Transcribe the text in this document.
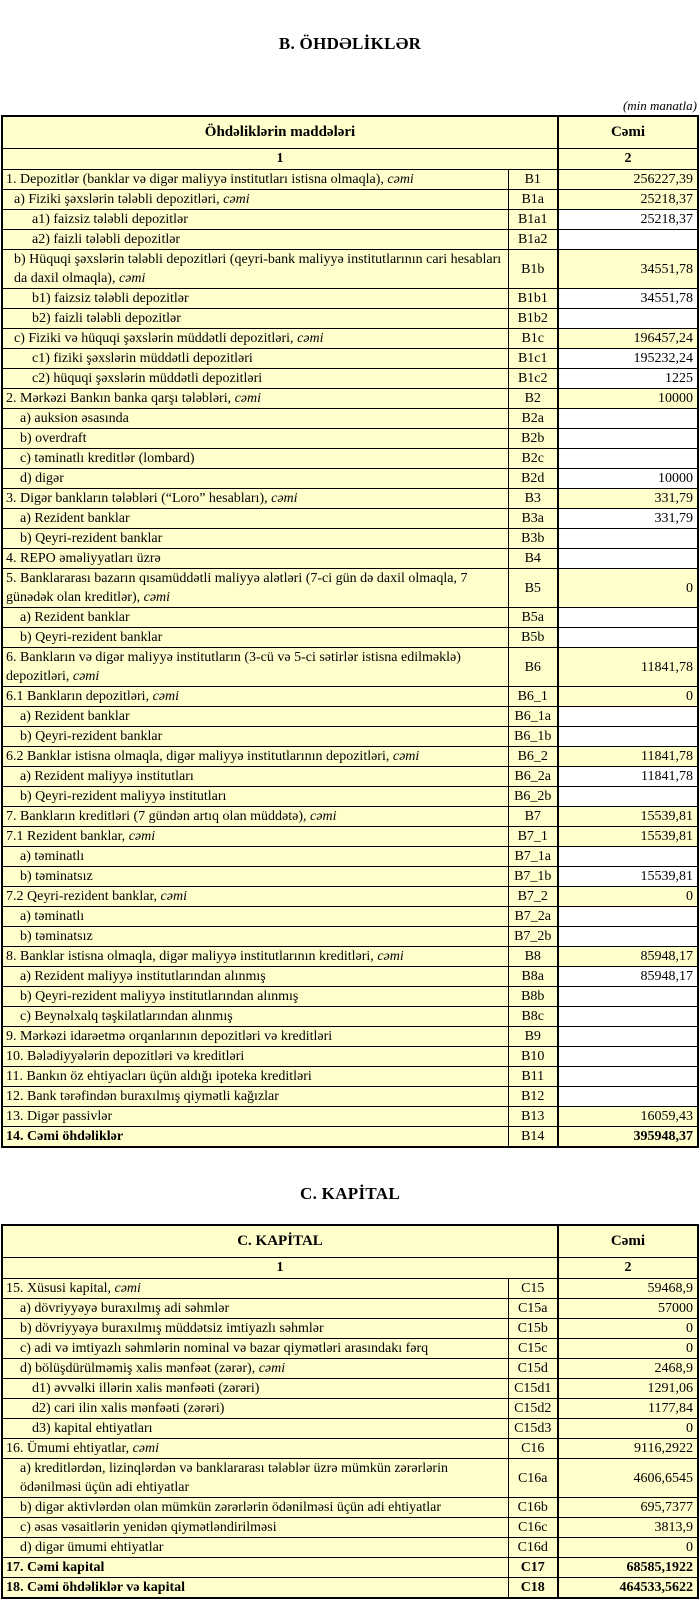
B. ÖHDƏLİKLƏR
(min manatla)
Öhdəliklərin maddələri		Cəmi
1		2
1. Depozitlər (banklar və digər maliyyə institutları istisna olmaqla), cəmi	B1	256227,39
a) Fiziki şəxslərin tələbli depozitləri, cəmi	B1a	25218,37
a1) faizsiz tələbli depozitlər	B1a1	25218,37
a2) faizli tələbli depozitlər	B1a2	
b) Hüquqi şəxslərin tələbli depozitləri (qeyri-bank maliyyə institutlarının cari hesabları da daxil olmaqla), cəmi	B1b	34551,78
b1) faizsiz tələbli depozitlər	B1b1	34551,78
b2) faizli tələbli depozitlər	B1b2	
c) Fiziki və hüquqi şəxslərin müddətli depozitləri, cəmi	B1c	196457,24
c1) fiziki şəxslərin müddətli depozitləri	B1c1	195232,24
c2) hüquqi şəxslərin müddətli depozitləri	B1c2	1225
2. Mərkəzi Bankın banka qarşı tələbləri, cəmi	B2	10000
a) auksion əsasında	B2a	
b) overdraft	B2b	
c) təminatlı kreditlər (lombard)	B2c	
d) digər	B2d	10000
3. Digər bankların tələbləri (“Loro” hesabları), cəmi	B3	331,79
a) Rezident banklar	B3a	331,79
b) Qeyri-rezident banklar	B3b	
4. REPO əməliyyatları üzrə	B4	
5. Banklararası bazarın qısamüddətli maliyyə alətləri (7-ci gün də daxil olmaqla, 7 günədək olan kreditlər), cəmi	B5	0
a) Rezident banklar	B5a	
b) Qeyri-rezident banklar	B5b	
6. Bankların və digər maliyyə institutların (3-cü və 5-ci sətirlər istisna edilməklə) depozitləri, cəmi	B6	11841,78
6.1 Bankların depozitləri, cəmi	B6_1	0
a) Rezident banklar	B6_1a	
b) Qeyri-rezident banklar	B6_1b	
6.2 Banklar istisna olmaqla, digər maliyyə institutlarının depozitləri, cəmi	B6_2	11841,78
a) Rezident maliyyə institutları	B6_2a	11841,78
b) Qeyri-rezident maliyyə institutları	B6_2b	
7. Bankların kreditləri (7 gündən artıq olan müddətə), cəmi	B7	15539,81
7.1 Rezident banklar, cəmi	B7_1	15539,81
a) təminatlı	B7_1a	
b) təminatsız	B7_1b	15539,81
7.2 Qeyri-rezident banklar, cəmi	B7_2	0
a) təminatlı	B7_2a	
b) təminatsız	B7_2b	
8. Banklar istisna olmaqla, digər maliyyə institutlarının kreditləri, cəmi	B8	85948,17
a) Rezident maliyyə institutlarından alınmış	B8a	85948,17
b) Qeyri-rezident maliyyə institutlarından alınmış	B8b	
c) Beynəlxalq təşkilatlarından alınmış	B8c	
9. Mərkəzi idarəetmə orqanlarının depozitləri və kreditləri	B9	
10. Bələdiyyələrin depozitləri və kreditləri	B10	
11. Bankın öz ehtiyacları üçün aldığı ipoteka kreditləri	B11	
12. Bank tərəfindən buraxılmış qiymətli kağızlar	B12	
13. Digər passivlər	B13	16059,43
14. Cəmi öhdəliklər	B14	395948,37
C. KAPİTAL
C. KAPİTAL		Cəmi
1		2
15. Xüsusi kapital, cəmi	C15	59468,9
a) dövriyyəyə buraxılmış adi səhmlər	C15a	57000
b) dövriyyəyə buraxılmış müddətsiz imtiyazlı səhmlər	C15b	0
c) adi və imtiyazlı səhmlərin nominal və bazar qiymətləri arasındakı fərq	C15c	0
d) bölüşdürülməmiş xalis mənfəət (zərər), cəmi	C15d	2468,9
d1) əvvəlki illərin xalis mənfəəti (zərəri)	C15d1	1291,06
d2) cari ilin xalis mənfəəti (zərəri)	C15d2	1177,84
d3) kapital ehtiyatları	C15d3	0
16. Ümumi ehtiyatlar, cəmi	C16	9116,2922
a) kreditlərdən, lizinqlərdən və banklararası tələblər üzrə mümkün zərərlərin ödənilməsi üçün adi ehtiyatlar	C16a	4606,6545
b) digər aktivlərdən olan mümkün zərərlərin ödənilməsi üçün adi ehtiyatlar	C16b	695,7377
c) əsas vəsaitlərin yenidən qiymətləndirilməsi	C16c	3813,9
d) digər ümumi ehtiyatlar	C16d	0
17. Cəmi kapital	C17	68585,1922
18. Cəmi öhdəliklər və kapital	C18	464533,5622
